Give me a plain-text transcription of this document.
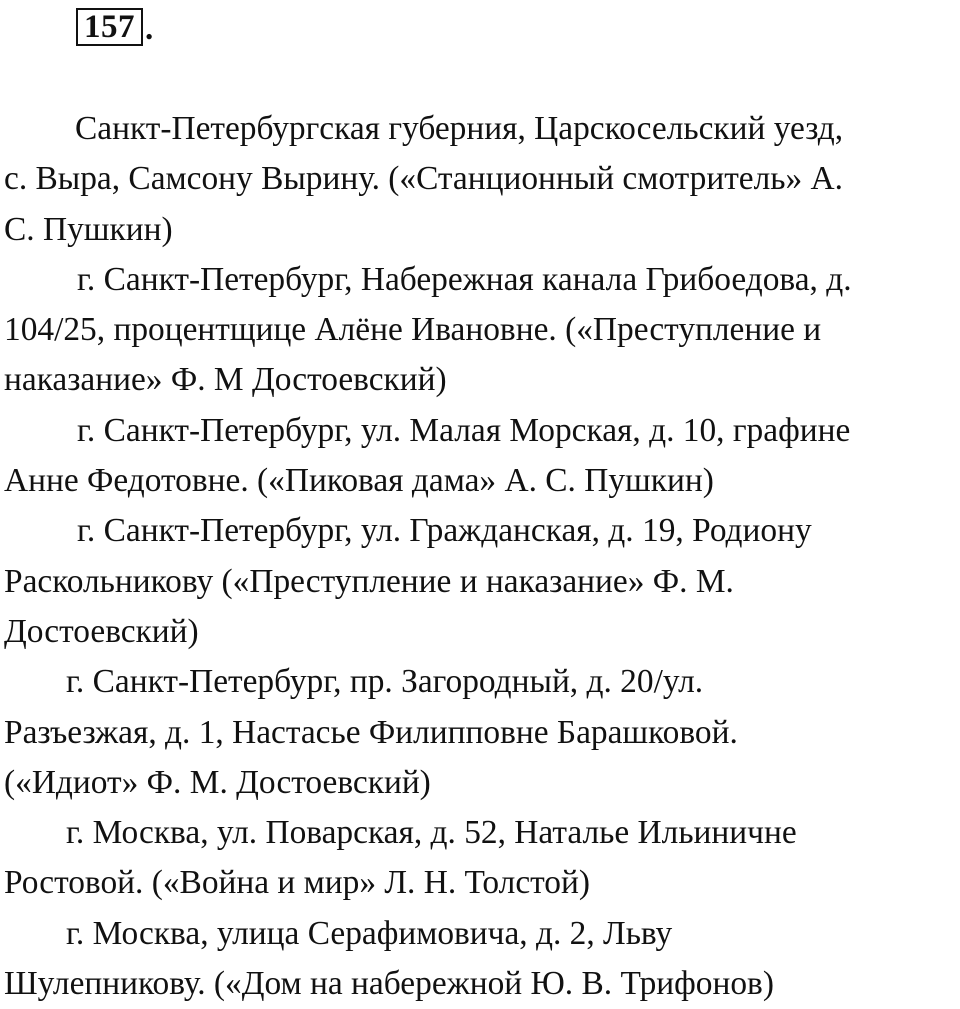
157 .
Санкт-Петербургская губерния, Царскосельский уезд,
с. Выра, Самсону Вырину. («Станционный смотритель» А.
С. Пушкин)
г. Санкт-Петербург, Набережная канала Грибоедова, д.
104/25, процентщице Алёне Ивановне. («Преступление и
наказание» Ф. М Достоевский)
г. Санкт-Петербург, ул. Малая Морская, д. 10, графине
Анне Федотовне. («Пиковая дама» А. С. Пушкин)
г. Санкт-Петербург, ул. Гражданская, д. 19, Родиону
Раскольникову («Преступление и наказание» Ф. М.
Достоевский)
г. Санкт-Петербург, пр. Загородный, д. 20/ул.
Разъезжая, д. 1, Настасье Филипповне Барашковой.
(«Идиот» Ф. М. Достоевский)
г. Москва, ул. Поварская, д. 52, Наталье Ильиничне
Ростовой. («Война и мир» Л. Н. Толстой)
г. Москва, улица Серафимовича, д. 2, Льву
Шулепникову. («Дом на набережной Ю. В. Трифонов)
